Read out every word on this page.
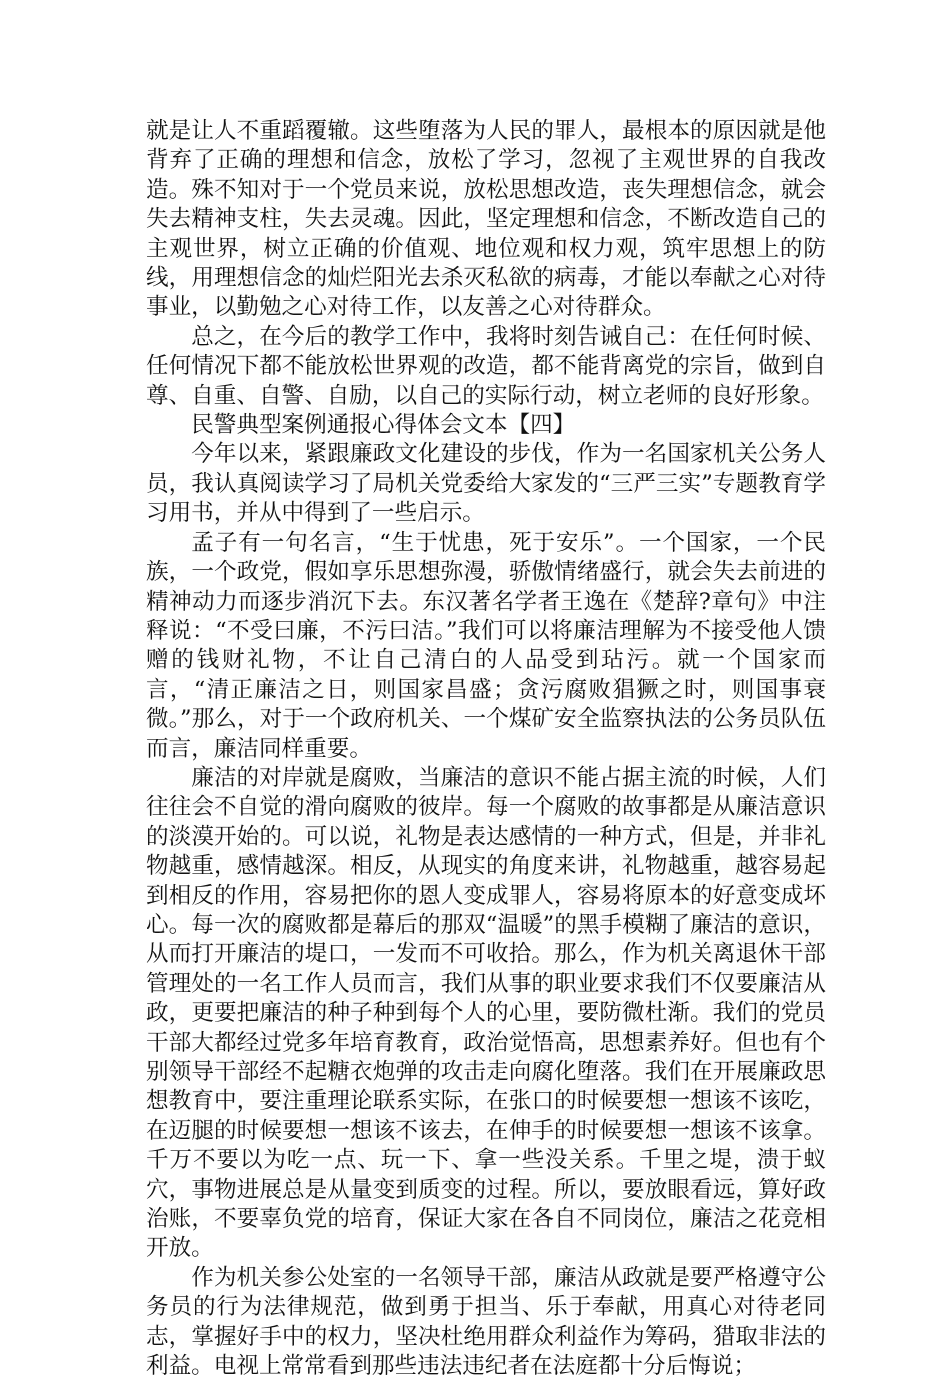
就是让人不重蹈覆辙。这些堕落为人民的罪人，最根本的原因就是他背弃了正确的理想和信念，放松了学习，忽视了主观世界的自我改造。殊不知对于一个党员来说，放松思想改造，丧失理想信念，就会失去精神支柱，失去灵魂。因此，坚定理想和信念，不断改造自己的主观世界，树立正确的价值观、地位观和权力观，筑牢思想上的防线，用理想信念的灿烂阳光去杀灭私欲的病毒，才能以奉献之心对待事业，以勤勉之心对待工作，以友善之心对待群众。

总之，在今后的教学工作中，我将时刻告诫自己：在任何时候、任何情况下都不能放松世界观的改造，都不能背离党的宗旨，做到自尊、自重、自警、自励，以自己的实际行动，树立老师的良好形象。

民警典型案例通报心得体会文本【四】

今年以来，紧跟廉政文化建设的步伐，作为一名国家机关公务人员，我认真阅读学习了局机关党委给大家发的“三严三实”专题教育学习用书，并从中得到了一些启示。

孟子有一句名言，“生于忧患，死于安乐”。一个国家，一个民族，一个政党，假如享乐思想弥漫，骄傲情绪盛行，就会失去前进的精神动力而逐步消沉下去。东汉著名学者王逸在《楚辞?章句》中注释说：“不受曰廉，不污曰洁。”我们可以将廉洁理解为不接受他人馈赠的钱财礼物，不让自己清白的人品受到玷污。就一个国家而言，“清正廉洁之日，则国家昌盛；贪污腐败猖獗之时，则国事衰微。”那么，对于一个政府机关、一个煤矿安全监察执法的公务员队伍而言，廉洁同样重要。

廉洁的对岸就是腐败，当廉洁的意识不能占据主流的时候，人们往往会不自觉的滑向腐败的彼岸。每一个腐败的故事都是从廉洁意识的淡漠开始的。可以说，礼物是表达感情的一种方式，但是，并非礼物越重，感情越深。相反，从现实的角度来讲，礼物越重，越容易起到相反的作用，容易把你的恩人变成罪人，容易将原本的好意变成坏心。每一次的腐败都是幕后的那双“温暖”的黑手模糊了廉洁的意识，从而打开廉洁的堤口，一发而不可收拾。那么，作为机关离退休干部管理处的一名工作人员而言，我们从事的职业要求我们不仅要廉洁从政，更要把廉洁的种子种到每个人的心里，要防微杜渐。我们的党员干部大都经过党多年培育教育，政治觉悟高，思想素养好。但也有个别领导干部经不起糖衣炮弹的攻击走向腐化堕落。我们在开展廉政思想教育中，要注重理论联系实际，在张口的时候要想一想该不该吃，在迈腿的时候要想一想该不该去，在伸手的时候要想一想该不该拿。千万不要以为吃一点、玩一下、拿一些没关系。千里之堤，溃于蚁穴，事物进展总是从量变到质变的过程。所以，要放眼看远，算好政治账，不要辜负党的培育，保证大家在各自不同岗位，廉洁之花竞相开放。

作为机关参公处室的一名领导干部，廉洁从政就是要严格遵守公务员的行为法律规范，做到勇于担当、乐于奉献，用真心对待老同志，掌握好手中的权力，坚决杜绝用群众利益作为筹码，猎取非法的利益。电视上常常看到那些违法违纪者在法庭都十分后悔说；
